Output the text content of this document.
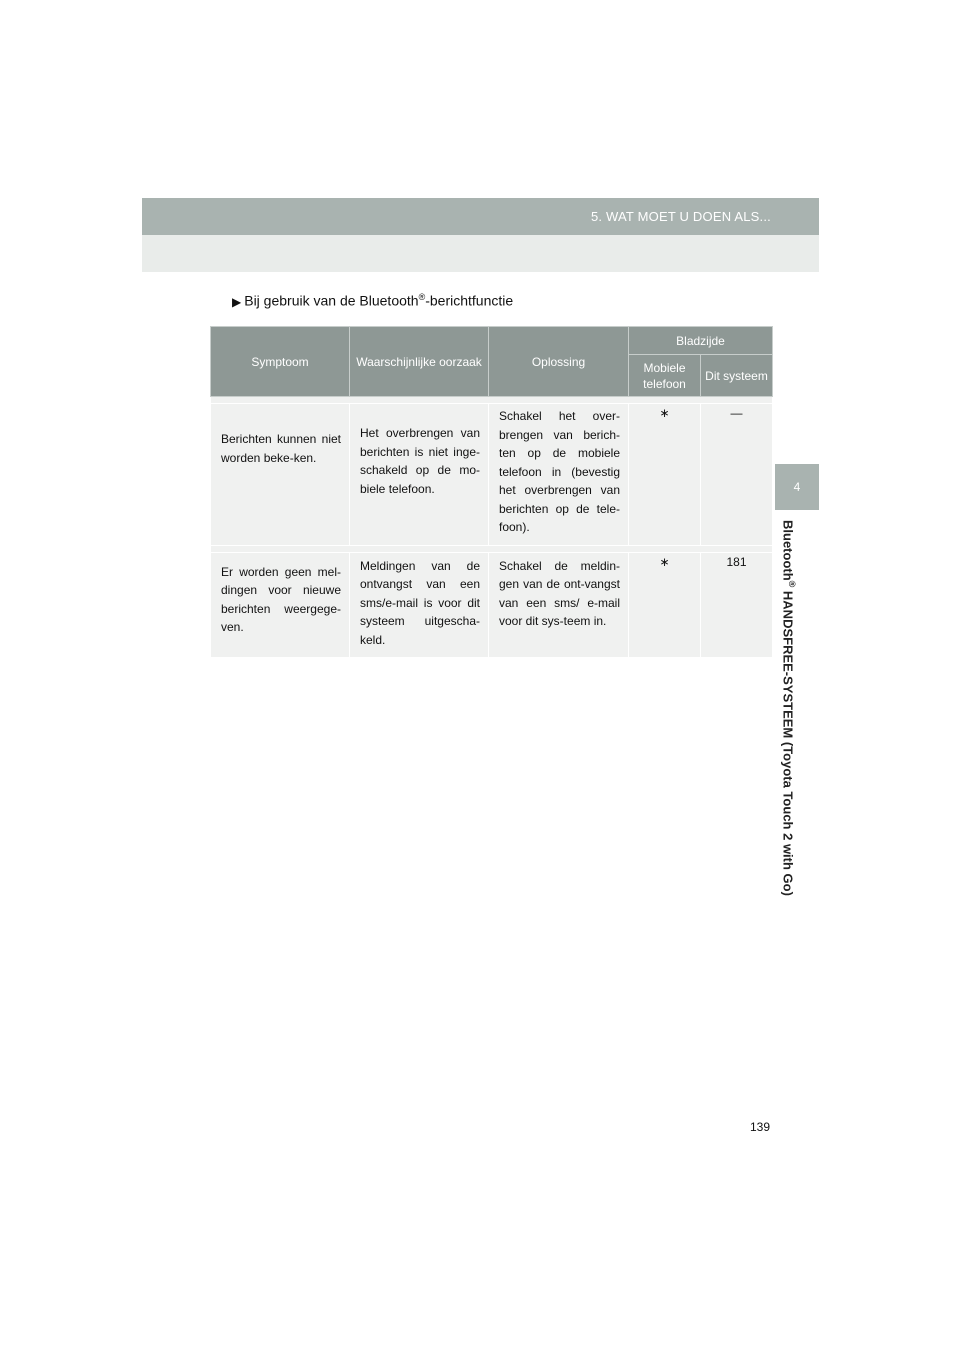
5. WAT MOET U DOEN ALS...
4
Bluetooth® HANDSFREE-SYSTEEM (Toyota Touch 2 with Go)
▶ Bij gebruik van de Bluetooth®-berichtfunctie
Symptoom	Waarschijnlijke oorzaak	Oplossing	Bladzijde	
			Mobiele telefoon	Dit systeem

Berichten kunnen niet worden beke-ken.	Het overbrengen van berichten is niet inge-schakeld op de mo-biele telefoon.	Schakel het over-brengen van berich-ten op de mobiele telefoon in (bevestig het overbrengen van berichten op de tele-foon).	∗	—

Er worden geen mel-dingen voor nieuwe berichten weergege-ven.	Meldingen van de ontvangst van een sms/e-mail is voor dit systeem uitgescha-keld.	Schakel de meldin-gen van de ont-vangst van een sms/ e-mail voor dit sys-teem in.	∗	181
139
